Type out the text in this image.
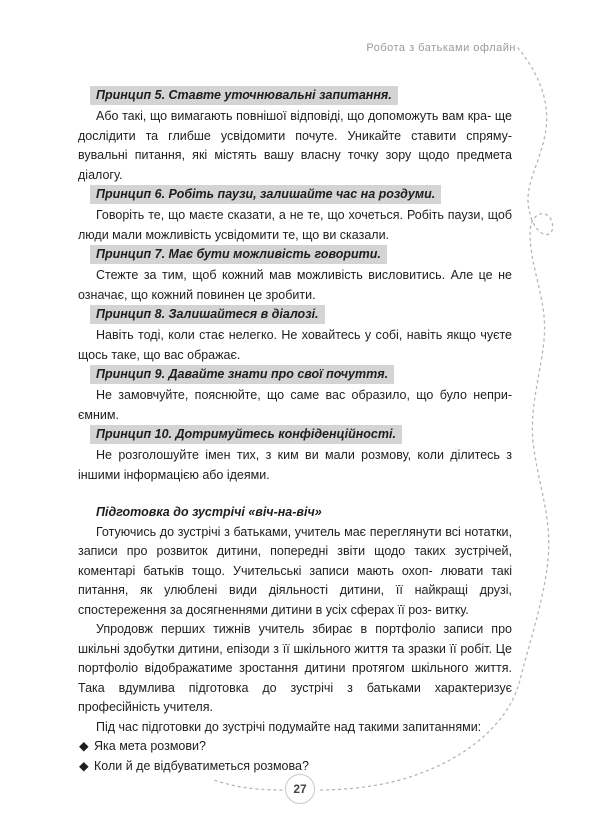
Робота з батьками офлайн
Принцип 5. Ставте уточнювальні запитання.

Або такі, що вимагають повнішої відповіді, що допоможуть вам кра- ще дослідити та глибше усвідомити почуте. Уникайте ставити спряму- вувальні питання, які містять вашу власну точку зору щодо предмета діалогу.

Принцип 6. Робіть паузи, залишайте час на роздуми.

Говоріть те, що маєте сказати, а не те, що хочеться. Робіть паузи, щоб люди мали можливість усвідомити те, що ви сказали.

Принцип 7. Має бути можливість говорити.

Стежте за тим, щоб кожний мав можливість висловитись. Але це не означає, що кожний повинен це зробити.

Принцип 8. Залишайтеся в діалозі.

Навіть тоді, коли стає нелегко. Не ховайтесь у собі, навіть якщо чуєте щось таке, що вас ображає.

Принцип 9. Давайте знати про свої почуття.

Не замовчуйте, пояснюйте, що саме вас образило, що було непри- ємним.

Принцип 10. Дотримуйтесь конфіденційності.

Не розголошуйте імен тих, з ким ви мали розмову, коли ділитесь з іншими інформацією або ідеями.

Підготовка до зустрічі «віч-на-віч»

Готуючись до зустрічі з батьками, учитель має переглянути всі нотатки, записи про розвиток дитини, попередні звіти щодо таких зустрічей, коментарі батьків тощо. Учительські записи мають охоп- лювати такі питання, як улюблені види діяльності дитини, її найкращі друзі, спостереження за досягненнями дитини в усіх сферах її роз- витку.

Упродовж перших тижнів учитель збирає в портфоліо записи про шкільні здобутки дитини, епізоди з її шкільного життя та зразки її робіт. Це портфоліо відображатиме зростання дитини протягом шкільного життя. Така вдумлива підготовка до зустрічі з батьками характеризує професійність учителя.

Під час підготовки до зустрічі подумайте над такими запитаннями:

◆ Яка мета розмови?
◆ Коли й де відбуватиметься розмова?
27
